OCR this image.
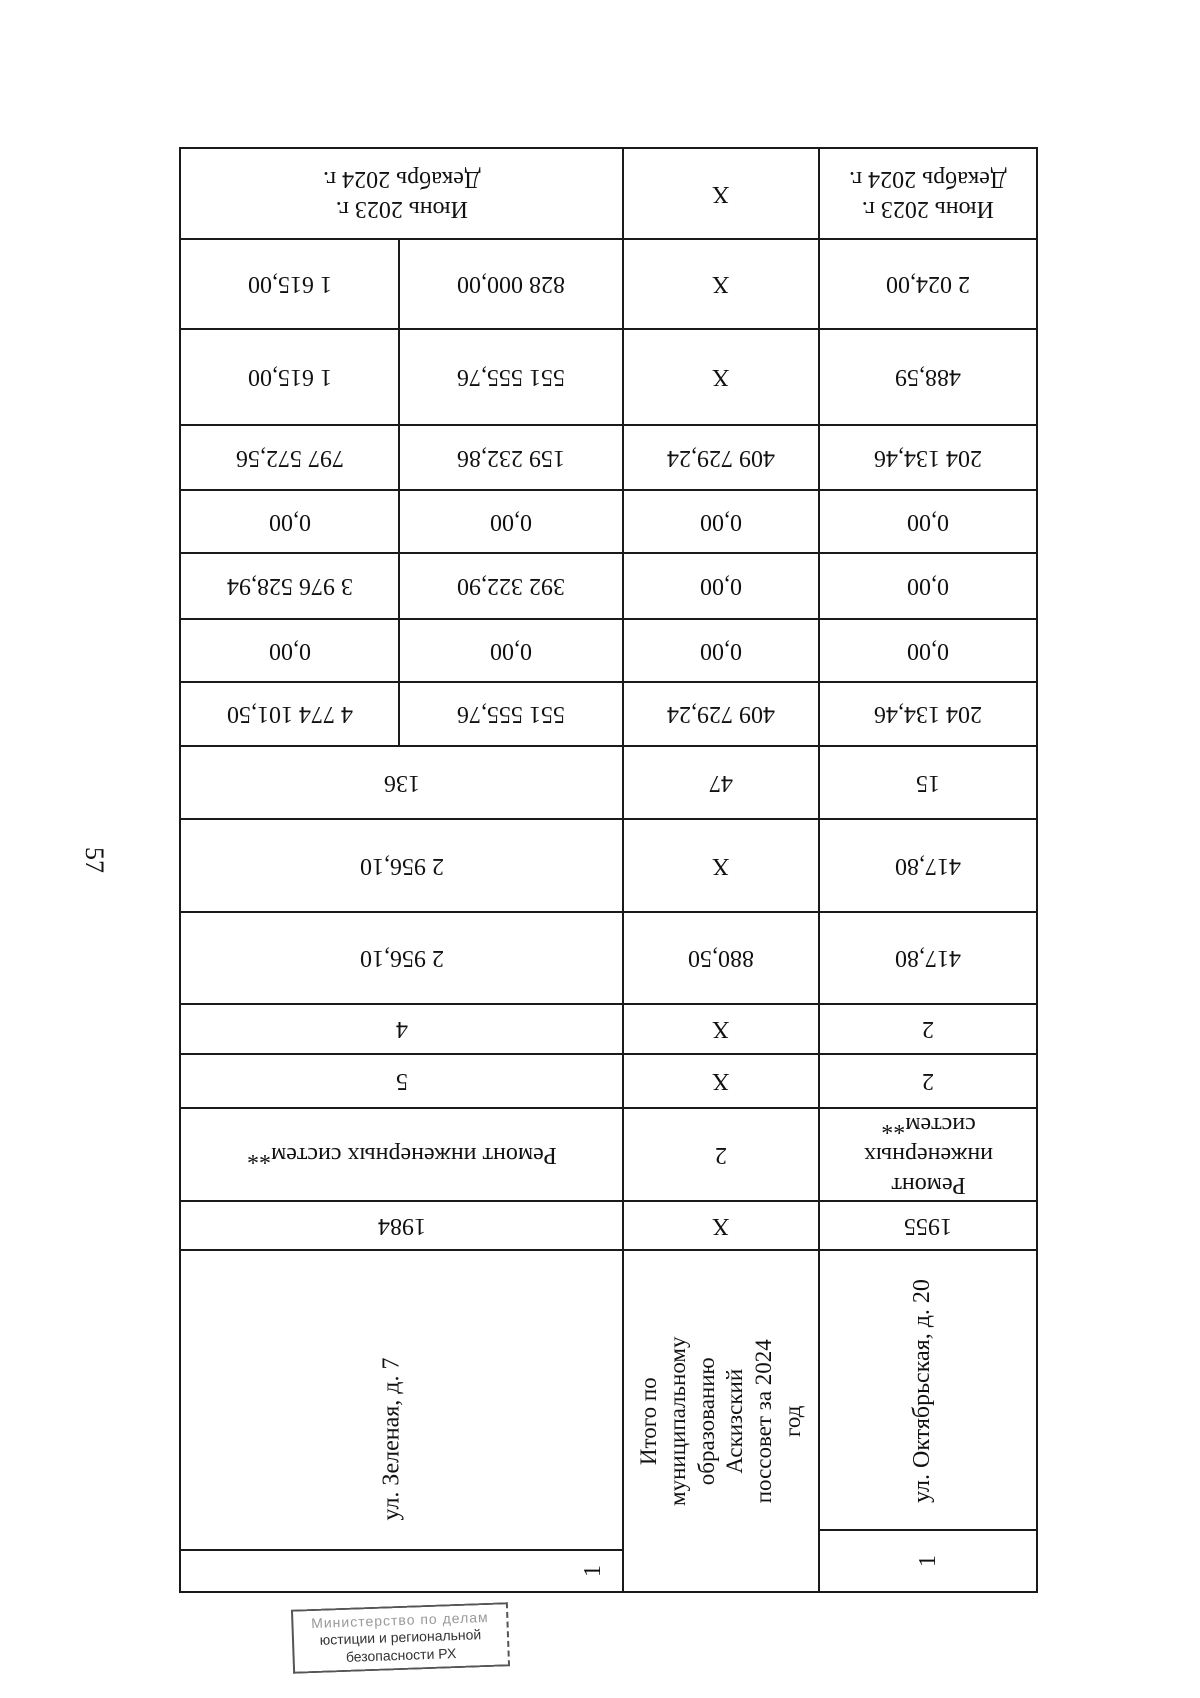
57
Июнь 2023 г.
Декабрь 2024 г.
2 024,00
488,59
204 134,46
0,00
0,00
0,00
204 134,46
15
417,80
417,80
2
2
Ремонт инженерных систем**
1955
ул. Октябрьская, д. 20
1
X
X
X
409 729,24
0,00
0,00
0,00
409 729,24
47
X
880,50
X
X
2
X
Итого по муниципальному образованию Аскизский поссовет за 2024 год
Июнь 2023 г.
Декабрь 2024 г.
828 000,00
1 615,00
551 555,76
1 615,00
159 232,86
797 572,56
0,00
0,00
392 322,90
3 976 528,94
0,00
0,00
551 555,76
4 774 101,50
136
2 956,10
2 956,10
4
5
Ремонт инженерных систем**
1984
ул. Зеленая, д. 7
1
Министерство по делам
юстиции и региональной
безопасности РХ
